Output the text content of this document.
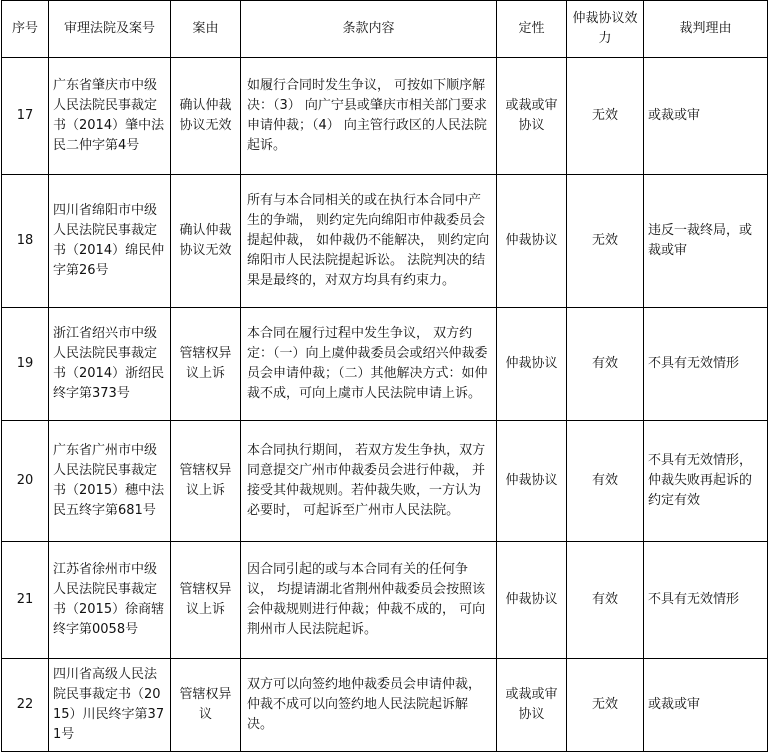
序号	审理法院及案号	案由	条款内容	定性	仲裁协议效力	裁判理由
17	广东省肇庆市中级人民法院民事裁定书（2014）肇中法民二仲字第4号	确认仲裁协议无效	如履行合同时发生争议， 可按如下顺序解决：（3） 向广宁县或肇庆市相关部门要求申请仲裁；（4） 向主管行政区的人民法院起诉。	或裁或审协议	无效	或裁或审
18	四川省绵阳市中级人民法院民事裁定书（2014）绵民仲字第26号	确认仲裁协议无效	所有与本合同相关的或在执行本合同中产生的争端， 则约定先向绵阳市仲裁委员会提起仲裁， 如仲裁仍不能解决， 则约定向绵阳市人民法院提起诉讼。 法院判决的结果是最终的，对双方均具有约束力。	仲裁协议	无效	违反一裁终局，或裁或审
19	浙江省绍兴市中级人民法院民事裁定书（2014）浙绍民终字第373号	管辖权异议上诉	本合同在履行过程中发生争议， 双方约定：（一）向上虞仲裁委员会或绍兴仲裁委员会申请仲裁；（二）其他解决方式：如仲裁不成，可向上虞市人民法院申请上诉。	仲裁协议	有效	不具有无效情形
20	广东省广州市中级人民法院民事裁定书（2015）穗中法民五终字第681号	管辖权异议上诉	本合同执行期间， 若双方发生争执，双方同意提交广州市仲裁委员会进行仲裁， 并接受其仲裁规则。若仲裁失败，一方认为必要时， 可起诉至广州市人民法院。	仲裁协议	有效	不具有无效情形，仲裁失败再起诉的约定有效
21	江苏省徐州市中级人民法院民事裁定书（2015）徐商辖终字第0058号	管辖权异议上诉	因合同引起的或与本合同有关的任何争议， 均提请湖北省荆州仲裁委员会按照该会仲裁规则进行仲裁；仲裁不成的， 可向荆州市人民法院起诉。	仲裁协议	有效	不具有无效情形
22	四川省高级人民法院民事裁定书（2015）川民终字第371号	管辖权异议	双方可以向签约地仲裁委员会申请仲裁， 仲裁不成可以向签约地人民法院起诉解决。	或裁或审协议	无效	或裁或审
